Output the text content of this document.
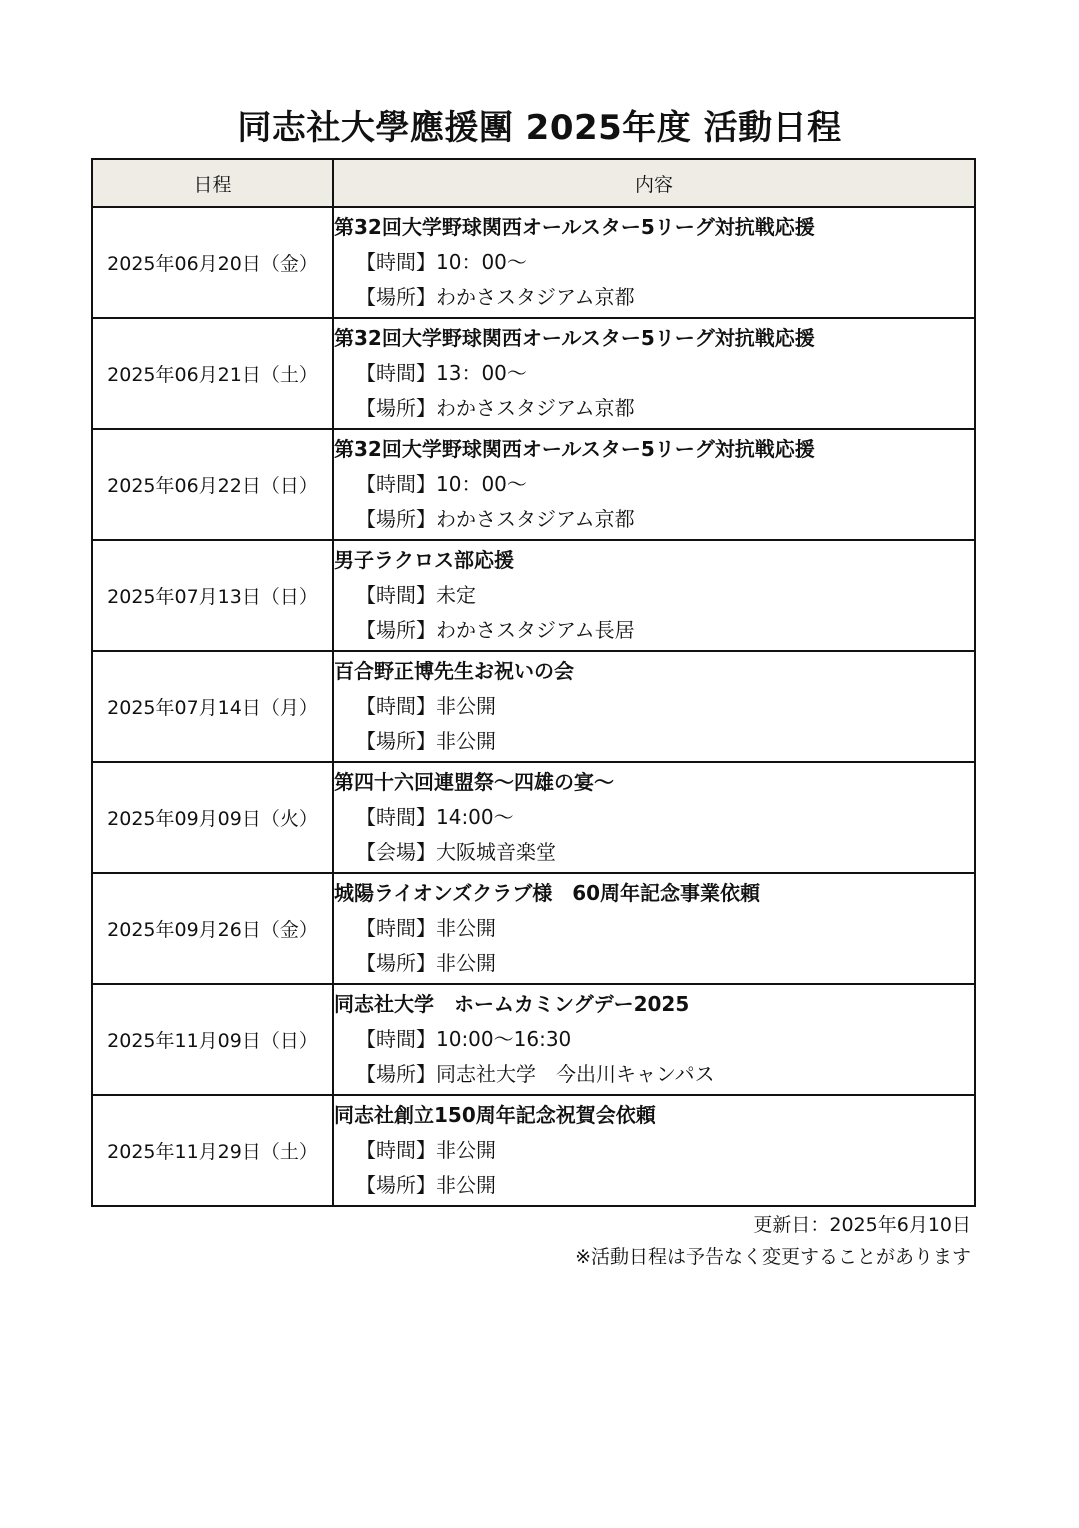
同志社大學應援團 2025年度 活動日程
日程	内容
2025年06月20日（金）	第32回大学野球関西オールスター5リーグ対抗戦応援
【時間】10：00～
【場所】わかさスタジアム京都

2025年06月21日（土）	第32回大学野球関西オールスター5リーグ対抗戦応援
【時間】13：00～
【場所】わかさスタジアム京都

2025年06月22日（日）	第32回大学野球関西オールスター5リーグ対抗戦応援
【時間】10：00～
【場所】わかさスタジアム京都

2025年07月13日（日）	男子ラクロス部応援
【時間】未定
【場所】わかさスタジアム長居

2025年07月14日（月）	百合野正博先生お祝いの会
【時間】非公開
【場所】非公開

2025年09月09日（火）	第四十六回連盟祭～四雄の宴～
【時間】14:00～
【会場】大阪城音楽堂

2025年09月26日（金）	城陽ライオンズクラブ様　60周年記念事業依頼
【時間】非公開
【場所】非公開

2025年11月09日（日）	同志社大学　ホームカミングデー2025
【時間】10:00～16:30
【場所】同志社大学　今出川キャンパス

2025年11月29日（土）	同志社創立150周年記念祝賀会依頼
【時間】非公開
【場所】非公開
更新日：2025年6月10日
※活動日程は予告なく変更することがあります
